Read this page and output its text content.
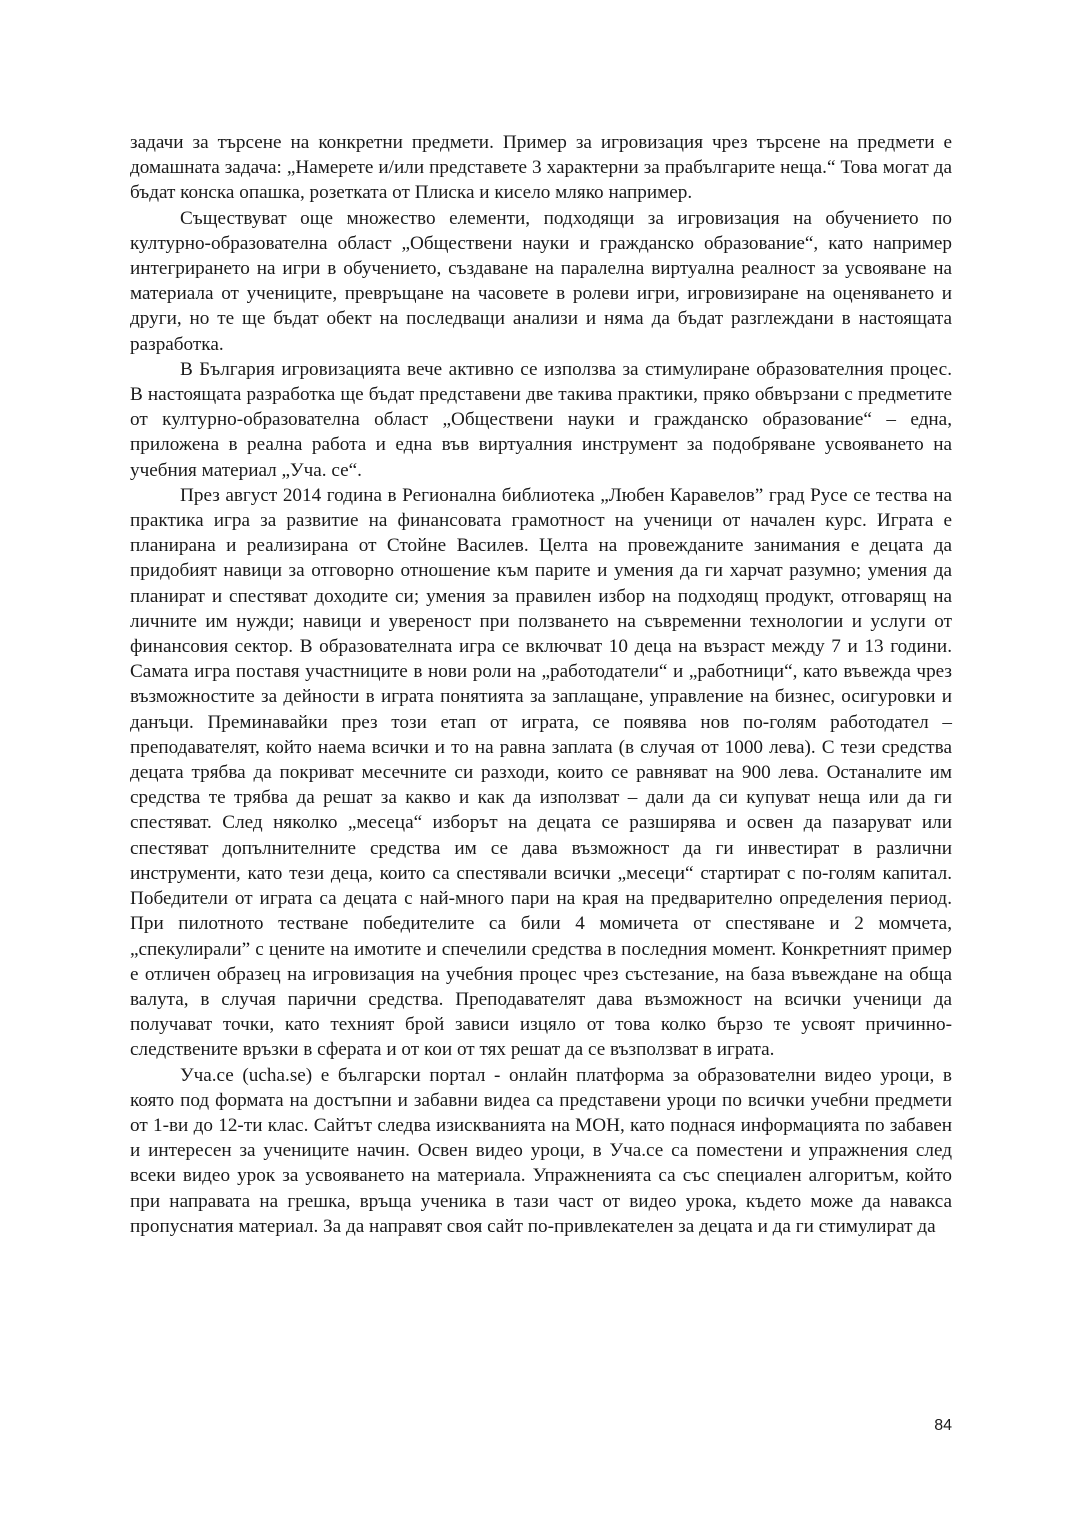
задачи за търсене на конкретни предмети. Пример за игровизация чрез търсене на предмети е домашната задача: „Намерете и/или представете 3 характерни за прабългарите неща.“ Това могат да бъдат конска опашка, розетката от Плиска и кисело мляко например.

Съществуват още множество елементи, подходящи за игровизация на обучението по културно-образователна област „Обществени науки и гражданско образование“, като например интегрирането на игри в обучението, създаване на паралелна виртуална реалност за усвояване на материала от учениците, превръщане на часовете в ролеви игри, игровизиране на оценяването и други, но те ще бъдат обект на последващи анализи и няма да бъдат разглеждани в настоящата разработка.

В България игровизацията вече активно се използва за стимулиране образователния процес. В настоящата разработка ще бъдат представени две такива практики, пряко обвързани с предметите от културно-образователна област „Обществени науки и гражданско образование“ – една, приложена в реална работа и една във виртуалния инструмент за подобряване усвояването на учебния материал „Уча. се“.

През август 2014 година в Регионална библиотека „Любен Каравелов” град Русе се тества на практика игра за развитие на финансовата грамотност на ученици от начален курс. Играта е планирана и реализирана от Стойне Василев. Целта на провежданите занимания е децата да придобият навици за отговорно отношение към парите и умения да ги харчат разумно; умения да планират и спестяват доходите си; умения за правилен избор на подходящ продукт, отговарящ на личните им нужди; навици и увереност при ползването на съвременни технологии и услуги от финансовия сектор. В образователната игра се включват 10 деца на възраст между 7 и 13 години. Самата игра поставя участниците в нови роли на „работодатели“ и „работници“, като въвежда чрез възможностите за дейности в играта понятията за заплащане, управление на бизнес, осигуровки и данъци. Преминавайки през този етап от играта, се появява нов по-голям работодател – преподавателят, който наема всички и то на равна заплата (в случая от 1000 лева). С тези средства децата трябва да покриват месечните си разходи, които се равняват на 900 лева. Останалите им средства те трябва да решат за какво и как да използват – дали да си купуват неща или да ги спестяват. След няколко „месеца“ изборът на децата се разширява и освен да пазаруват или спестяват допълнителните средства им се дава възможност да ги инвестират в различни инструменти, като тези деца, които са спестявали всички „месеци“ стартират с по-голям капитал. Победители от играта са децата с най-много пари на края на предварително определения период. При пилотното тестване победителите са били 4 момичета от спестяване и 2 момчета, „спекулирали” с цените на имотите и спечелили средства в последния момент. Конкретният пример е отличен образец на игровизация на учебния процес чрез състезание, на база въвеждане на обща валута, в случая парични средства. Преподавателят дава възможност на всички ученици да получават точки, като техният брой зависи изцяло от това колко бързо те усвоят причинно-следствените връзки в сферата и от кои от тях решат да се възползват в играта.

Уча.се (ucha.se) е български портал - онлайн платформа за образователни видео уроци, в която под формата на достъпни и забавни видеа са представени уроци по всички учебни предмети от 1-ви до 12-ти клас. Сайтът следва изискванията на МОН, като поднася информацията по забавен и интересен за учениците начин. Освен видео уроци, в Уча.се са поместени и упражнения след всеки видео урок за усвояването на материала. Упражненията са със специален алгоритъм, който при направата на грешка, връща ученика в тази част от видео урока, където може да навакса пропуснатия материал. За да направят своя сайт по-привлекателен за децата и да ги стимулират да

84
